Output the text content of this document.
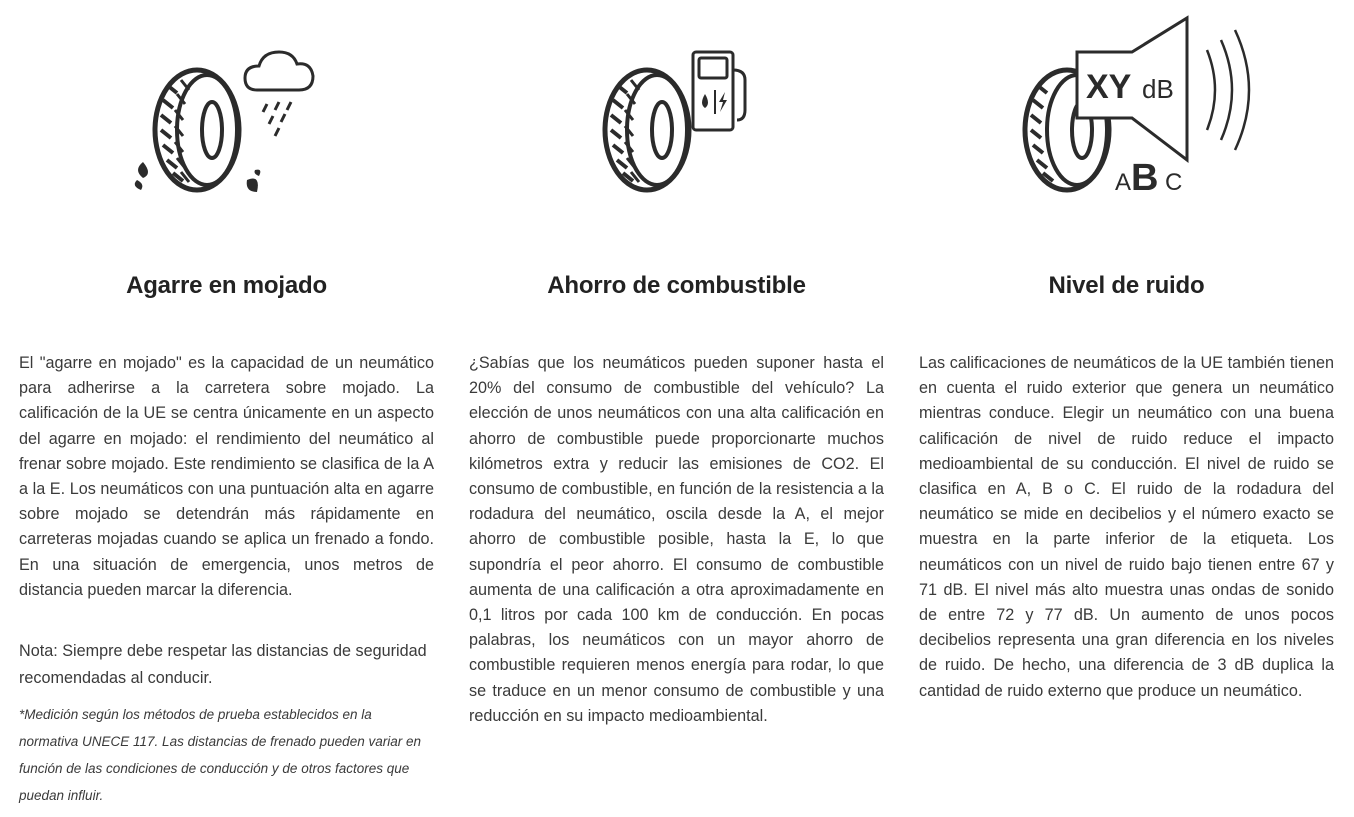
Agarre en mojado

El "agarre en mojado" es la capacidad de un neumático para adherirse a la carretera sobre mojado. La calificación de la UE se centra únicamente en un aspecto del agarre en mojado: el rendimiento del neumático al frenar sobre mojado. Este rendimiento se clasifica de la A a la E. Los neumáticos con una puntuación alta en agarre sobre mojado se detendrán más rápidamente en carreteras mojadas cuando se aplica un frenado a fondo. En una situación de emergencia, unos metros de distancia pueden marcar la diferencia.

Nota: Siempre debe respetar las distancias de seguridad recomendadas al conducir.

*Medición según los métodos de prueba establecidos en la normativa UNECE 117. Las distancias de frenado pueden variar en función de las condiciones de conducción y de otros factores que puedan influir.

Ahorro de combustible

¿Sabías que los neumáticos pueden suponer hasta el 20% del consumo de combustible del vehículo? La elección de unos neumáticos con una alta calificación en ahorro de combustible puede proporcionarte muchos kilómetros extra y reducir las emisiones de CO2. El consumo de combustible, en función de la resistencia a la rodadura del neumático, oscila desde la A, el mejor ahorro de combustible posible, hasta la E, lo que supondría el peor ahorro. El consumo de combustible aumenta de una calificación a otra aproximadamente en 0,1 litros por cada 100 km de conducción. En pocas palabras, los neumáticos con un mayor ahorro de combustible requieren menos energía para rodar, lo que se traduce en un menor consumo de combustible y una reducción en su impacto medioambiental.

XY dB
A B C
Nivel de ruido

Las calificaciones de neumáticos de la UE también tienen en cuenta el ruido exterior que genera un neumático mientras conduce. Elegir un neumático con una buena calificación de nivel de ruido reduce el impacto medioambiental de su conducción. El nivel de ruido se clasifica en A, B o C. El ruido de la rodadura del neumático se mide en decibelios y el número exacto se muestra en la parte inferior de la etiqueta. Los neumáticos con un nivel de ruido bajo tienen entre 67 y 71 dB. El nivel más alto muestra unas ondas de sonido de entre 72 y 77 dB. Un aumento de unos pocos decibelios representa una gran diferencia en los niveles de ruido. De hecho, una diferencia de 3 dB duplica la cantidad de ruido externo que produce un neumático.
